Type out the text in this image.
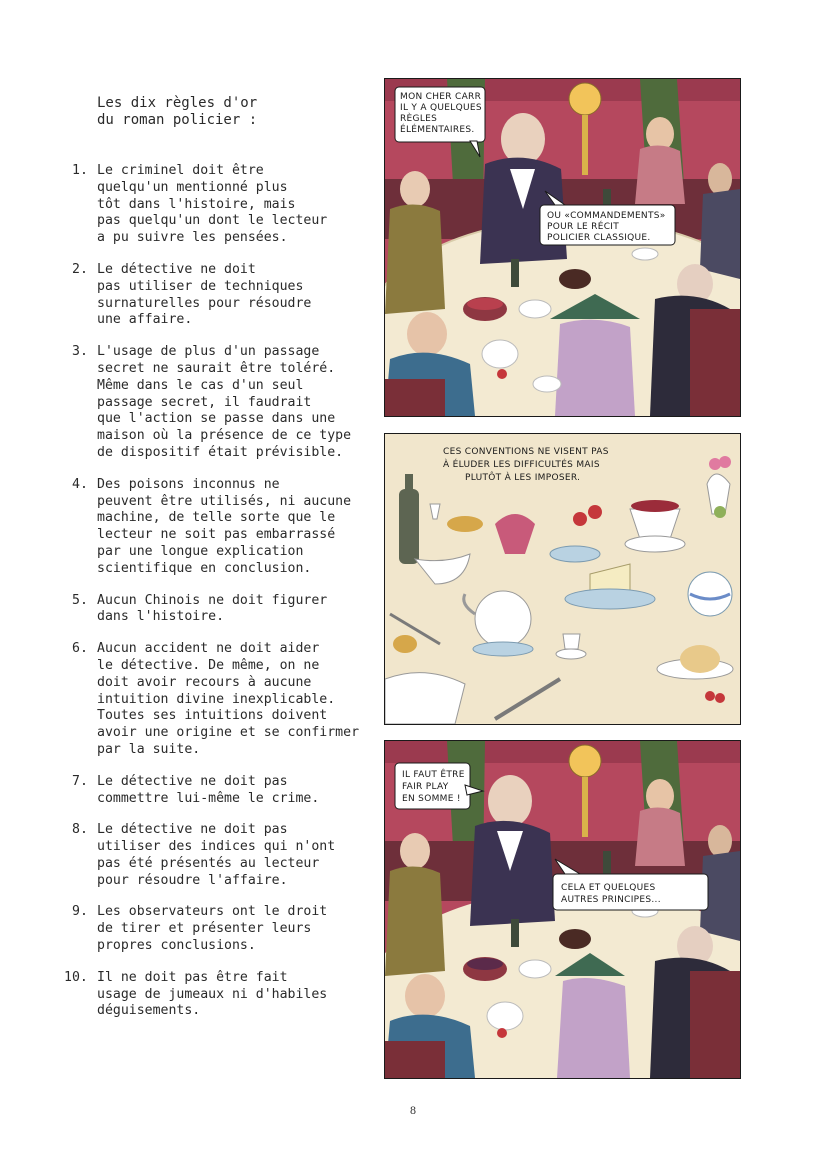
Les dix règles d'or
du roman policier :
1. Le criminel doit être
quelqu'un mentionné plus
tôt dans l'histoire, mais
pas quelqu'un dont le lecteur
a pu suivre les pensées.
2. Le détective ne doit
pas utiliser de techniques
surnaturelles pour résoudre
une affaire.
3. L'usage de plus d'un passage
secret ne saurait être toléré.
Même dans le cas d'un seul
passage secret, il faudrait
que l'action se passe dans une
maison où la présence de ce type
de dispositif était prévisible.
4. Des poisons inconnus ne
peuvent être utilisés, ni aucune
machine, de telle sorte que le
lecteur ne soit pas embarrassé
par une longue explication
scientifique en conclusion.
5. Aucun Chinois ne doit figurer
dans l'histoire.
6. Aucun accident ne doit aider
le détective. De même, on ne
doit avoir recours à aucune
intuition divine inexplicable.
Toutes ses intuitions doivent
avoir une origine et se confirmer
par la suite.
7. Le détective ne doit pas
commettre lui-même le crime.
8. Le détective ne doit pas
utiliser des indices qui n'ont
pas été présentés au lecteur
pour résoudre l'affaire.
9. Les observateurs ont le droit
de tirer et présenter leurs
propres conclusions.
10. Il ne doit pas être fait
usage de jumeaux ni d'habiles
déguisements.
MON CHER CARR
IL Y A QUELQUES
RÈGLES
ÉLÉMENTAIRES.
OU «COMMANDEMENTS»
POUR LE RÉCIT
POLICIER CLASSIQUE.
CES CONVENTIONS NE VISENT PAS
À ÉLUDER LES DIFFICULTÉS MAIS
PLUTÔT À LES IMPOSER.
IL FAUT ÊTRE
FAIR PLAY
EN SOMME !
CELA ET QUELQUES
AUTRES PRINCIPES...
8
